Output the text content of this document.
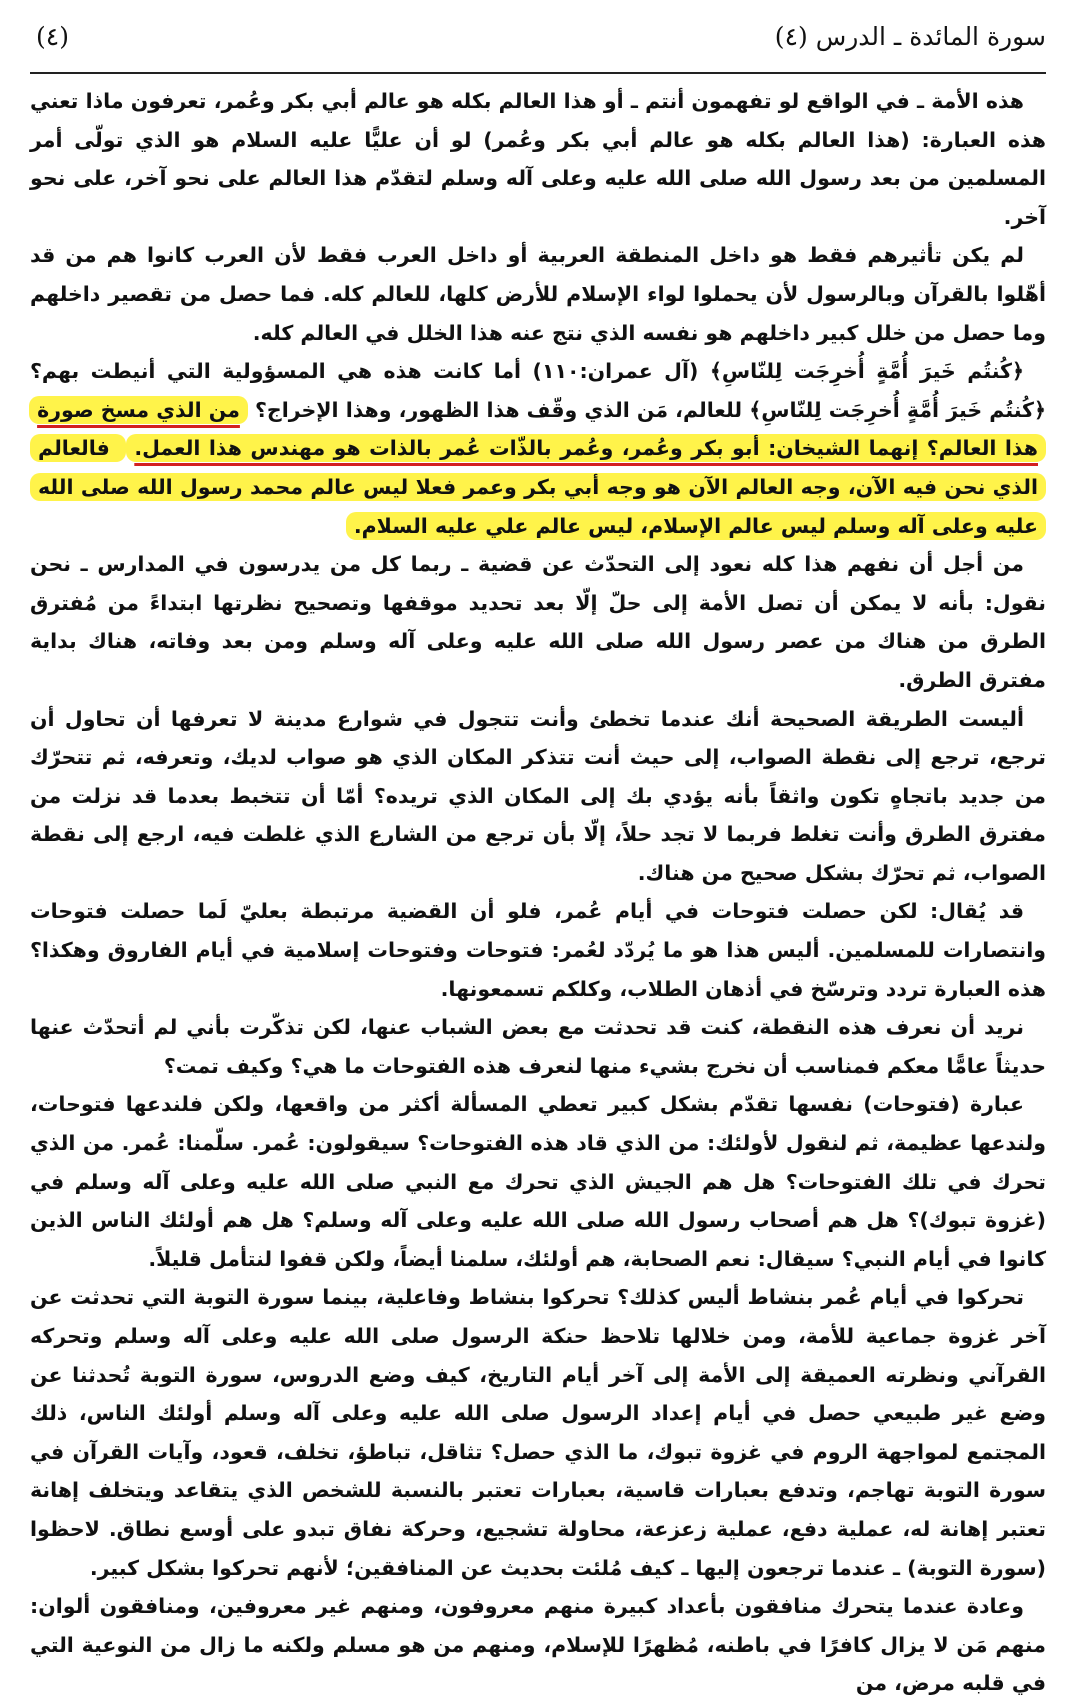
سورة المائدة ـ الدرس (٤)
(٤)

هذه الأمة ـ في الواقع لو تفهمون أنتم ـ أو هذا العالم بكله هو عالم أبي بكر وعُمر، تعرفون ماذا تعني هذه العبارة: (هذا العالم بكله هو عالم أبي بكر وعُمر) لو أن عليًّا عليه السلام هو الذي تولّى أمر المسلمين من بعد رسول الله صلى الله عليه وعلى آله وسلم لتقدّم هذا العالم على نحو آخر، على نحو آخر.

لم يكن تأثيرهم فقط هو داخل المنطقة العربية أو داخل العرب فقط لأن العرب كانوا هم من قد أهّلوا بالقرآن وبالرسول لأن يحملوا لواء الإسلام للأرض كلها، للعالم كله. فما حصل من تقصير داخلهم وما حصل من خلل كبير داخلهم هو نفسه الذي نتج عنه هذا الخلل في العالم كله.

﴿كُنتُم خَيرَ أُمَّةٍ أُخرِجَت لِلنّاسِ﴾ (آل عمران:١١٠) أما كانت هذه هي المسؤولية التي أنيطت بهم؟ ﴿كُنتُم خَيرَ أُمَّةٍ أُخرِجَت لِلنّاسِ﴾ للعالم، مَن الذي وقّف هذا الظهور، وهذا الإخراج؟ من الذي مسخ صورة هذا العالم؟ إنهما الشيخان: أبو بكر وعُمر، وعُمر بالذّات عُمر بالذات هو مهندس هذا العمل. فالعالم الذي نحن فيه الآن، وجه العالم الآن هو وجه أبي بكر وعمر فعلا ليس عالم محمد رسول الله صلى الله عليه وعلى آله وسلم ليس عالم الإسلام، ليس عالم علي عليه السلام.

من أجل أن نفهم هذا كله نعود إلى التحدّث عن قضية ـ ربما كل من يدرسون في المدارس ـ نحن نقول: بأنه لا يمكن أن تصل الأمة إلى حلّ إلّا بعد تحديد موقفها وتصحيح نظرتها ابتداءً من مُفترق الطرق من هناك من عصر رسول الله صلى الله عليه وعلى آله وسلم ومن بعد وفاته، هناك بداية مفترق الطرق.

أليست الطريقة الصحيحة أنك عندما تخطئ وأنت تتجول في شوارع مدينة لا تعرفها أن تحاول أن ترجع، ترجع إلى نقطة الصواب، إلى حيث أنت تتذكر المكان الذي هو صواب لديك، وتعرفه، ثم تتحرّك من جديد باتجاهٍ تكون واثقاً بأنه يؤدي بك إلى المكان الذي تريده؟ أمّا أن تتخبط بعدما قد نزلت من مفترق الطرق وأنت تغلط فربما لا تجد حلاً، إلّا بأن ترجع من الشارع الذي غلطت فيه، ارجع إلى نقطة الصواب، ثم تحرّك بشكل صحيح من هناك.

قد يُقال: لكن حصلت فتوحات في أيام عُمر، فلو أن القضية مرتبطة بعليّ لَما حصلت فتوحات وانتصارات للمسلمين. أليس هذا هو ما يُردّد لعُمر: فتوحات وفتوحات إسلامية في أيام الفاروق وهكذا؟ هذه العبارة تردد وترسّخ في أذهان الطلاب، وكلكم تسمعونها.

نريد أن نعرف هذه النقطة، كنت قد تحدثت مع بعض الشباب عنها، لكن تذكّرت بأني لم أتحدّث عنها حديثاً عامًّا معكم فمناسب أن نخرج بشيء منها لنعرف هذه الفتوحات ما هي؟ وكيف تمت؟

عبارة (فتوحات) نفسها تقدّم بشكل كبير تعطي المسألة أكثر من واقعها، ولكن فلندعها فتوحات، ولندعها عظيمة، ثم لنقول لأولئك: من الذي قاد هذه الفتوحات؟ سيقولون: عُمر. سلّمنا: عُمر. من الذي تحرك في تلك الفتوحات؟ هل هم الجيش الذي تحرك مع النبي صلى الله عليه وعلى آله وسلم في (غزوة تبوك)؟ هل هم أصحاب رسول الله صلى الله عليه وعلى آله وسلم؟ هل هم أولئك الناس الذين كانوا في أيام النبي؟ سيقال: نعم الصحابة، هم أولئك، سلمنا أيضاً، ولكن قفوا لنتأمل قليلاً.

تحركوا في أيام عُمر بنشاط أليس كذلك؟ تحركوا بنشاط وفاعلية، بينما سورة التوبة التي تحدثت عن آخر غزوة جماعية للأمة، ومن خلالها تلاحظ حنكة الرسول صلى الله عليه وعلى آله وسلم وتحركه القرآني ونظرته العميقة إلى الأمة إلى آخر أيام التاريخ، كيف وضع الدروس، سورة التوبة تُحدثنا عن وضع غير طبيعي حصل في أيام إعداد الرسول صلى الله عليه وعلى آله وسلم أولئك الناس، ذلك المجتمع لمواجهة الروم في غزوة تبوك، ما الذي حصل؟ تثاقل، تباطؤ، تخلف، قعود، وآيات القرآن في سورة التوبة تهاجم، وتدفع بعبارات قاسية، بعبارات تعتبر بالنسبة للشخص الذي يتقاعد ويتخلف إهانة تعتبر إهانة له، عملية دفع، عملية زعزعة، محاولة تشجيع، وحركة نفاق تبدو على أوسع نطاق. لاحظوا (سورة التوبة) ـ عندما ترجعون إليها ـ كيف مُلئت بحديث عن المنافقين؛ لأنهم تحركوا بشكل كبير.

وعادة عندما يتحرك منافقون بأعداد كبيرة منهم معروفون، ومنهم غير معروفين، ومنافقون ألوان: منهم مَن لا يزال كافرًا في باطنه، مُظهرًا للإسلام، ومنهم من هو مسلم ولكنه ما زال من النوعية التي في قلبه مرض، من
